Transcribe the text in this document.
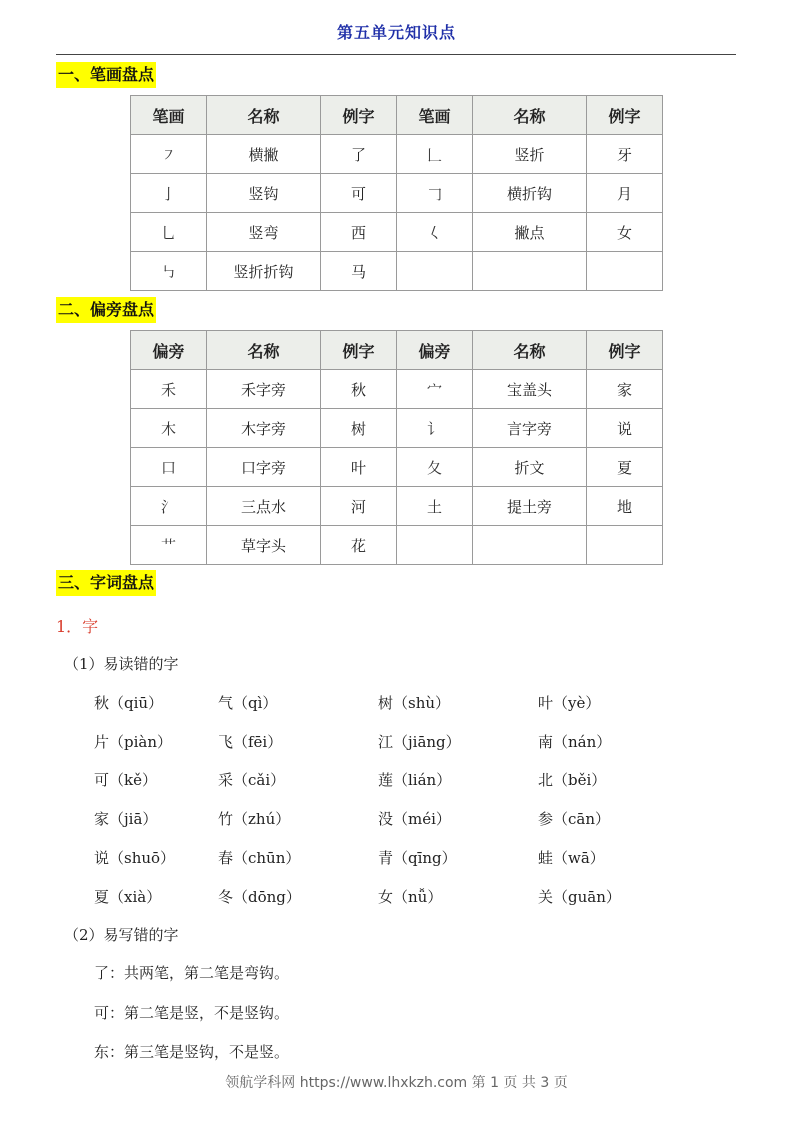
第五单元知识点
一、笔画盘点
笔画	名称	例字	笔画	名称	例字
㇇	横撇	了	𠃊	竖折	牙
亅	竖钩	可	𠃌	横折钩	月
乚	竖弯	西	𡿨	撇点	女
㇉	竖折折钩	马			
二、偏旁盘点
偏旁	名称	例字	偏旁	名称	例字
禾	禾字旁	秋	宀	宝盖头	家
木	木字旁	树	讠	言字旁	说
口	口字旁	叶	夂	折文	夏
氵	三点水	河	土	提土旁	地
艹	草字头	花			
三、字词盘点
1．字
（1）易读错的字
秋（qiū）	气（qì）	树（shù）	叶（yè）
片（piàn）	飞（fēi）	江（jiāng）	南（nán）
可（kě）	采（cǎi）	莲（lián）	北（běi）
家（jiā）	竹（zhú）	没（méi）	参（cān）
说（shuō）	春（chūn）	青（qīng）	蛙（wā）
夏（xià）	冬（dōng）	女（nǚ）	关（guān）
（2）易写错的字
了：共两笔，第二笔是弯钩。
可：第二笔是竖，不是竖钩。
东：第三笔是竖钩，不是竖。
领航学科网 https://www.lhxkzh.com 第 1 页 共 3 页
